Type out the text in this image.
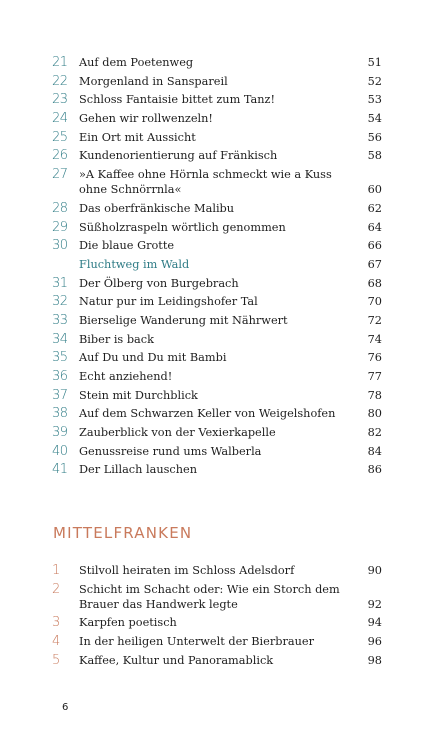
21	Auf dem Poetenweg	51
22	Morgenland in Sanspareil	52
23	Schloss Fantaisie bittet zum Tanz!	53
24	Gehen wir rollwenzeln!	54
25	Ein Ort mit Aussicht	56
26	Kundenorientierung auf Fränkisch	58
27	»A Kaffee ohne Hörnla schmeckt wie a Kuss ohne Schnörrnla«	60
28	Das oberfränkische Malibu	62
29	Süßholzraspeln wörtlich genommen	64
30	Die blaue Grotte	66
Fluchtweg im Wald	67
31	Der Ölberg von Burgebrach	68
32	Natur pur im Leidingshofer Tal	70
33	Bierselige Wanderung mit Nährwert	72
34	Biber is back	74
35	Auf Du und Du mit Bambi	76
36	Echt anziehend!	77
37	Stein mit Durchblick	78
38	Auf dem Schwarzen Keller von Weigelshofen	80
39	Zauberblick von der Vexierkapelle	82
40	Genussreise rund ums Walberla	84
41	Der Lillach lauschen	86
MITTELFRANKEN
1	Stilvoll heiraten im Schloss Adelsdorf	90
2	Schicht im Schacht oder: Wie ein Storch dem Brauer das Handwerk legte	92
3	Karpfen poetisch	94
4	In der heiligen Unterwelt der Bierbrauer	96
5	Kaffee, Kultur und Panoramablick	98
6
